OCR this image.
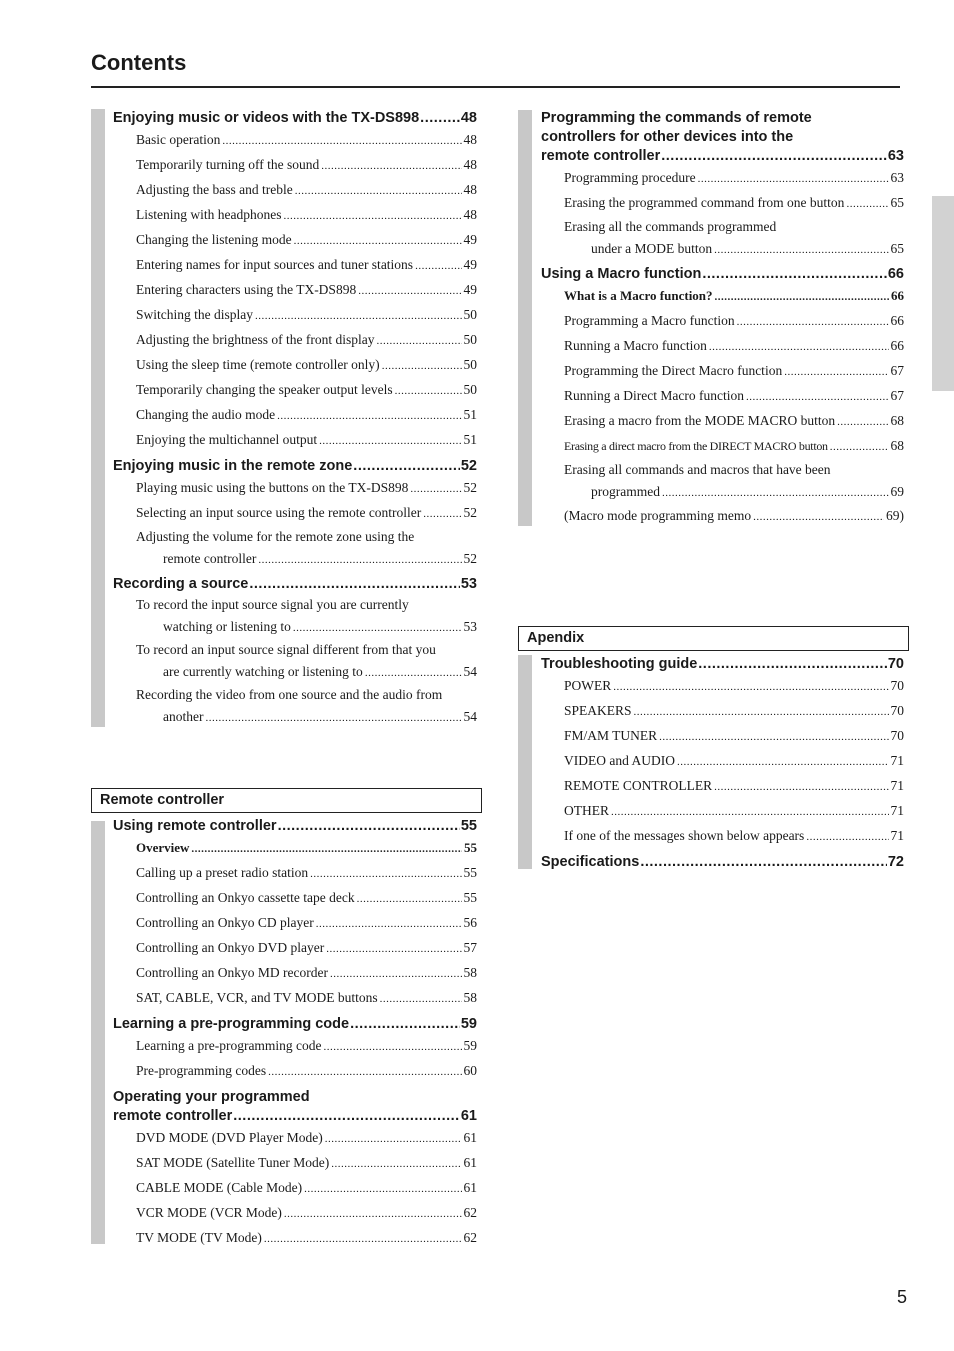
Contents
Enjoying music or videos with the TX-DS898 .....	48
Basic operation .....	48
Temporarily turning off the sound .....	48
Adjusting the bass and treble .....	48
Listening with headphones .....	48
Changing the listening mode .....	49
Entering names for input sources and tuner stations .....	49
Entering characters using the TX-DS898 .....	49
Switching the display .....	50
Adjusting the brightness of the front display .....	50
Using the sleep time (remote controller only) .....	50
Temporarily changing the speaker output levels .....	50
Changing the audio mode .....	51
Enjoying the multichannel output .....	51
Enjoying music in the remote zone .....	52
Playing music using the buttons on the TX-DS898 .....	52
Selecting an input source using the remote controller .....	52
Adjusting the volume for the remote zone using the
remote controller .....	52
Recording a source .....	53
To record the input source signal you are currently
watching or listening to .....	53
To record an input source signal different from that you
are currently watching or listening to .....	54
Recording the video from one source and the audio from
another .....	54
Remote controller
Using remote controller .....	55
Overview .....	55
Calling up a preset radio station .....	55
Controlling an Onkyo cassette tape deck .....	55
Controlling an Onkyo CD player .....	56
Controlling an Onkyo DVD player .....	57
Controlling an Onkyo MD recorder .....	58
SAT, CABLE, VCR, and TV MODE buttons .....	58
Learning a pre-programming code .....	59
Learning a pre-programming code .....	59
Pre-programming codes .....	60
Operating your programmed
remote controller .....	61
DVD MODE (DVD Player Mode) .....	61
SAT MODE (Satellite Tuner Mode) .....	61
CABLE MODE (Cable Mode) .....	61
VCR MODE (VCR Mode) .....	62
TV MODE (TV Mode) .....	62
Programming the commands of remote
controllers for other devices into the
remote controller .....	63
Programming procedure .....	63
Erasing the programmed command from one button .....	65
Erasing all the commands programmed
under a MODE button .....	65
Using a Macro function .....	66
What is a Macro function? .....	66
Programming a Macro function .....	66
Running a Macro function .....	66
Programming the Direct Macro function .....	67
Running a Direct Macro function .....	67
Erasing a macro from the MODE MACRO button .....	68
Erasing a direct macro from the DIRECT MACRO button .....	68
Erasing all commands and macros that have been
programmed .....	69
(Macro mode programming memo .....	69)
Apendix
Troubleshooting guide .....	70
POWER .....	70
SPEAKERS .....	70
FM/AM TUNER .....	70
VIDEO and AUDIO .....	71
REMOTE CONTROLLER .....	71
OTHER .....	71
If one of the messages shown below appears .....	71
Specifications .....	72
5
